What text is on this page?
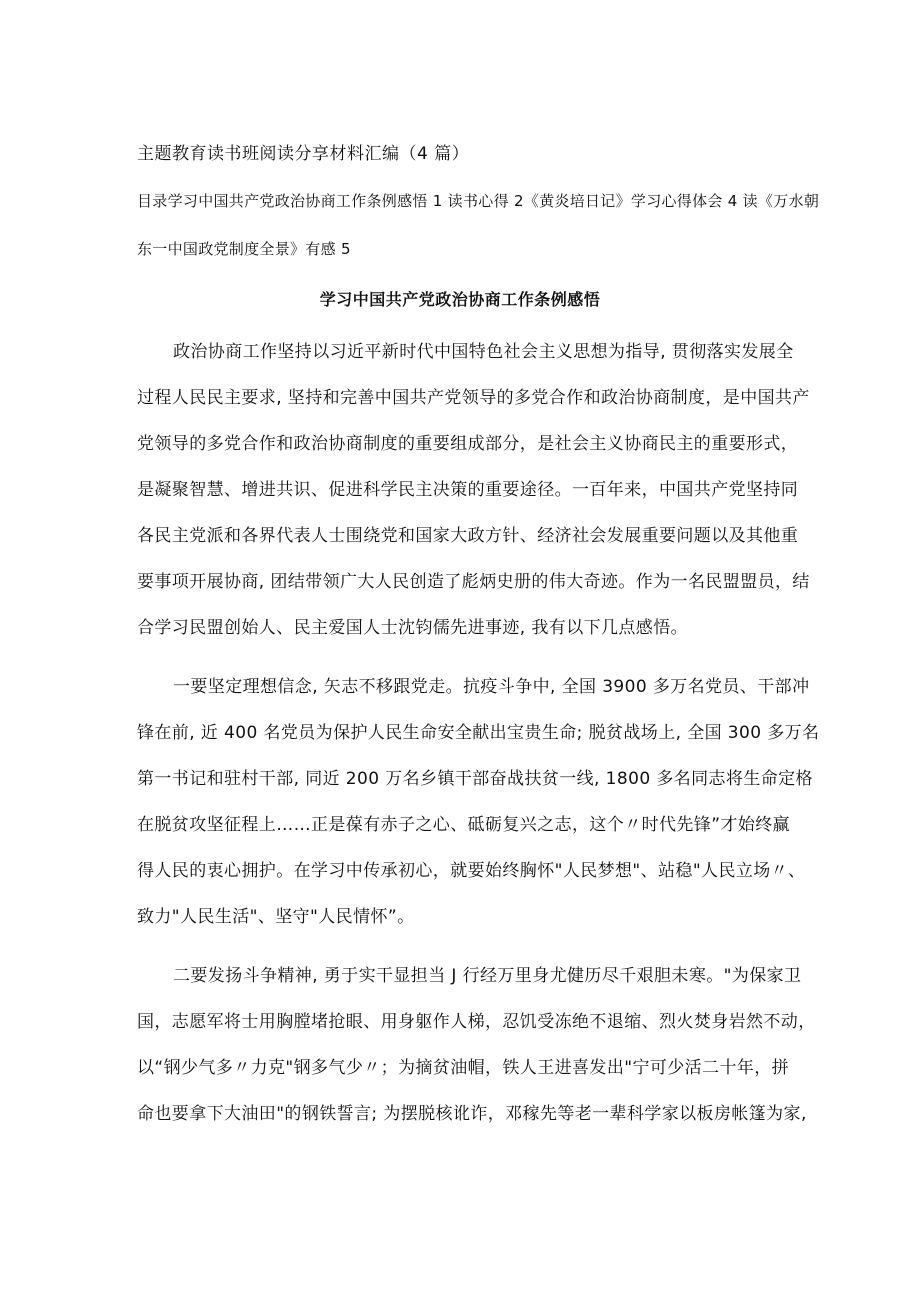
主题教育读书班阅读分享材料汇编（4 篇）
目录学习中国共产党政治协商工作条例感悟 1 读书心得 2《黄炎培日记》学习心得体会 4 读《万水朝
东一中国政党制度全景》有感 5
学习中国共产党政治协商工作条例感悟
政治协商工作坚持以习近平新时代中国特色社会主义思想为指导, 贯彻落实发展全
过程人民民主要求, 坚持和完善中国共产党领导的多党合作和政治协商制度，是中国共产
党领导的多党合作和政治协商制度的重要组成部分，是社会主义协商民主的重要形式，
是凝聚智慧、增进共识、促进科学民主决策的重要途径。一百年来，中国共产党坚持同
各民主党派和各界代表人士围绕党和国家大政方针、经济社会发展重要问题以及其他重
要事项开展协商, 团结带领广大人民创造了彪炳史册的伟大奇迹。作为一名民盟盟员，结
合学习民盟创始人、民主爱国人士沈钧儒先进事迹, 我有以下几点感悟。
一要坚定理想信念, 矢志不移跟党走。抗疫斗争中, 全国 3900 多万名党员、干部冲
锋在前, 近 400 名党员为保护人民生命安全献出宝贵生命; 脱贫战场上, 全国 300 多万名
第一书记和驻村干部, 同近 200 万名乡镇干部奋战扶贫一线, 1800 多名同志将生命定格
在脱贫攻坚征程上……正是葆有赤子之心、砥砺复兴之志，这个〃时代先锋”才始终赢
得人民的衷心拥护。在学习中传承初心，就要始终胸怀"人民梦想"、站稳"人民立场〃、
致力"人民生活"、坚守"人民情怀”。
二要发扬斗争精神, 勇于实干显担当 J 行经万里身尤健历尽千艰胆未寒。"为保家卫
国，志愿军将士用胸膛堵抢眼、用身躯作人梯，忍饥受冻绝不退缩、烈火焚身岩然不动，
以“钢少气多〃力克"钢多气少〃；为摘贫油帽，铁人王进喜发出"宁可少活二十年，拼
命也要拿下大油田"的钢铁誓言; 为摆脱核讹诈，邓稼先等老一辈科学家以板房帐篷为家,
